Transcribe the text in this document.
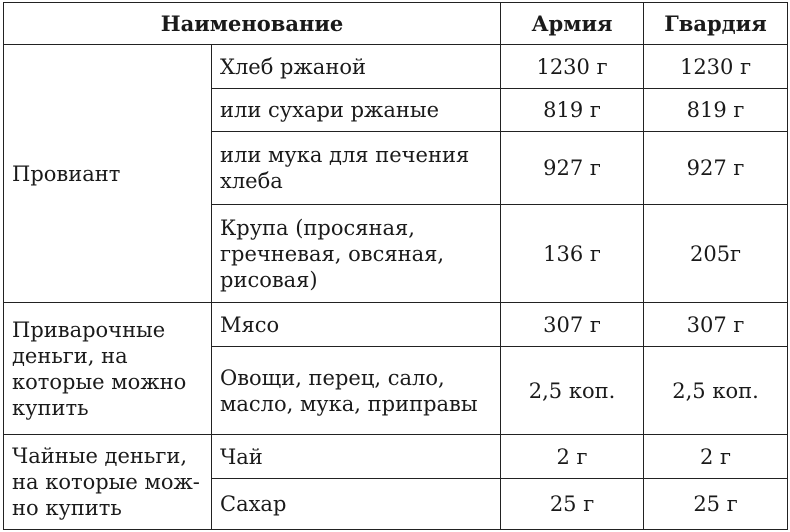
Наименование		Армия	Гвардия
Провиант	Хлеб ржаной	1230 г	1230 г
	или сухари ржаные	819 г	819 г
	или мука для печения хлеба	927 г	927 г
	Крупа (просяная, гречневая, овсяная, рисовая)	136 г	205г
Приварочные деньги, на которые можно купить	Мясо	307 г	307 г
	Овощи, перец, сало, масло, мука, приправы	2,5 коп.	2,5 коп.
Чайные деньги, на которые мож-но купить	Чай	2 г	2 г
	Сахар	25 г	25 г
